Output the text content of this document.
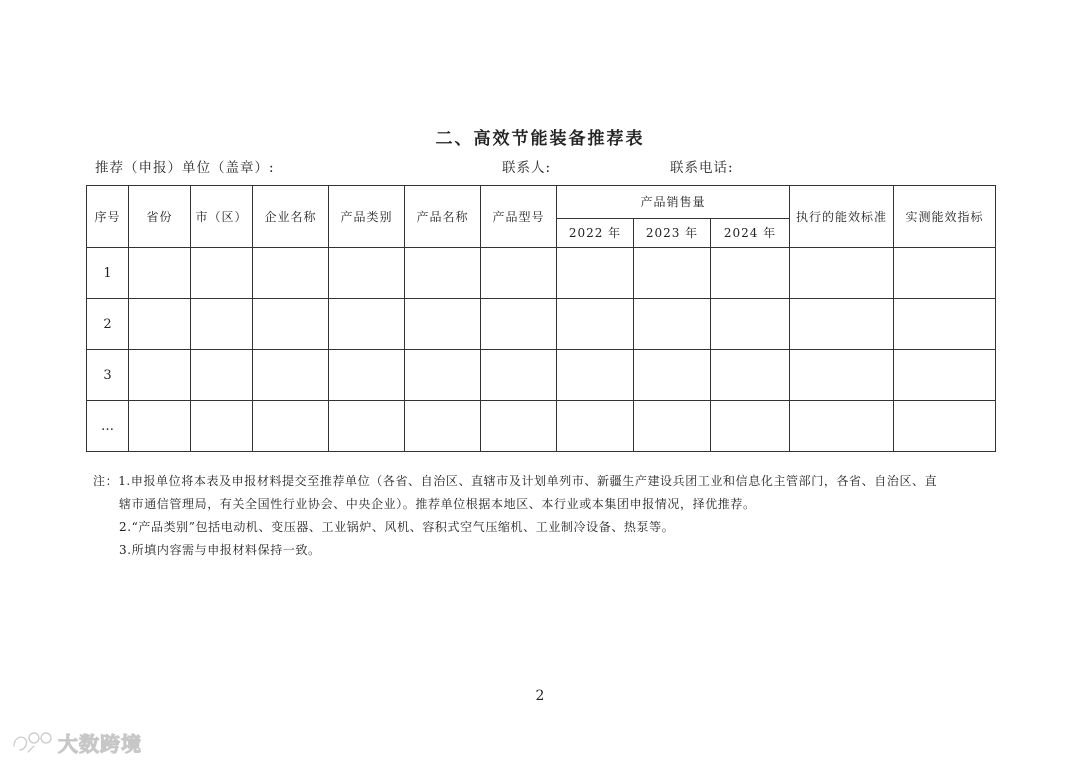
二、高效节能装备推荐表
推荐（申报）单位（盖章）:	联系人:	联系电话:
序号	省份	市（区）	企业名称	产品类别	产品名称	产品型号	产品销售量			执行的能效标准	实测能效指标
							2022 年	2023 年	2024 年		
1											
2											
3											
…											
注：1.申报单位将本表及申报材料提交至推荐单位（各省、自治区、直辖市及计划单列市、新疆生产建设兵团工业和信息化主管部门，各省、自治区、直
辖市通信管理局，有关全国性行业协会、中央企业）。推荐单位根据本地区、本行业或本集团申报情况，择优推荐。
2.“产品类别”包括电动机、变压器、工业锅炉、风机、容积式空气压缩机、工业制冷设备、热泵等。
3.所填内容需与申报材料保持一致。
2
大数跨境
